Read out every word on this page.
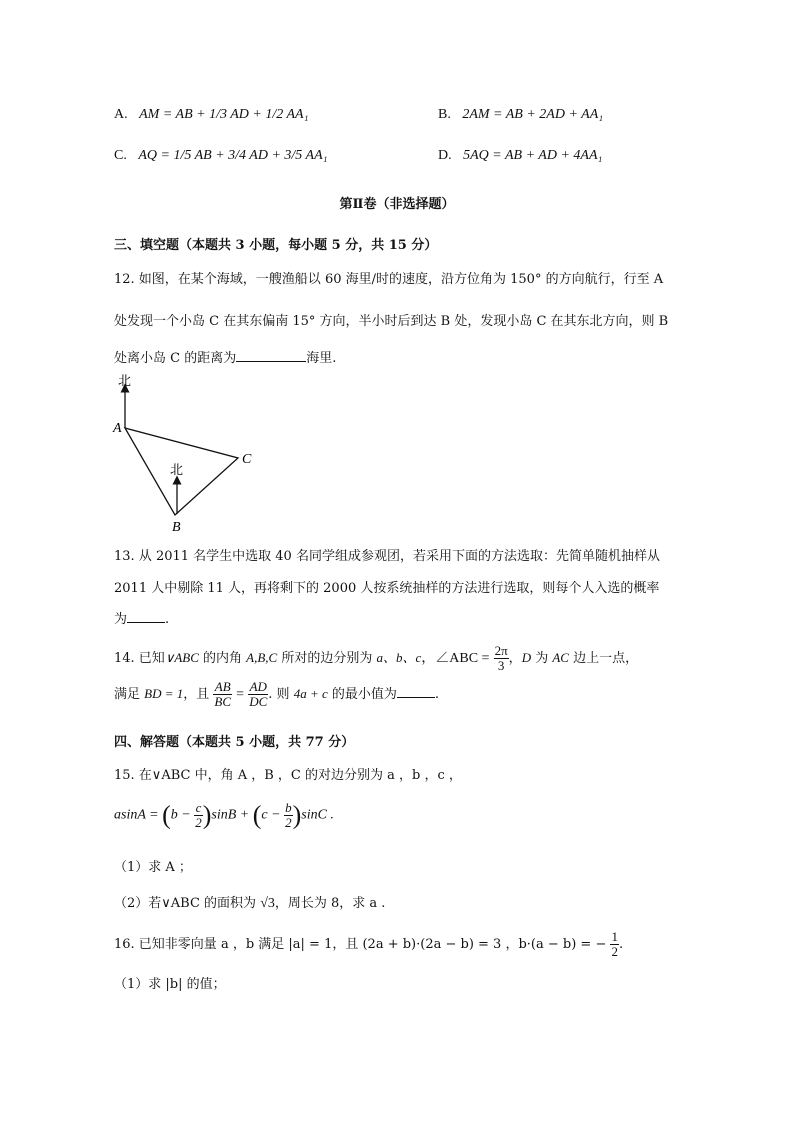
A. AM = AB + 1/3 AD + 1/2 AA₁	B. 2AM = AB + 2AD + AA₁
C. AQ = 1/5 AB + 3/4 AD + 3/5 AA₁	D. 5AQ = AB + AD + 4AA₁
第Ⅱ卷（非选择题）
三、填空题（本题共 3 小题，每小题 5 分，共 15 分）
12. 如图，在某个海域，一艘渔船以 60 海里/时的速度，沿方位角为 150° 的方向航行，行至 A
处发现一个小岛 C 在其东偏南 15° 方向，半小时后到达 B 处，发现小岛 C 在其东北方向，则 B
处离小岛 C 的距离为	海里.
北
北
A
C
B
13. 从 2011 名学生中选取 40 名同学组成参观团，若采用下面的方法选取：先简单随机抽样从
2011 人中剔除 11 人，再将剩下的 2000 人按系统抽样的方法进行选取，则每个人入选的概率
为	.
14. 已知∨ABC 的内角 A,B,C 所对的边分别为 a、b、c，∠ABC = $\frac{2\pi}{3}$ ，D 为 AC 边上一点，
满足 BD = 1，且 $\frac{AB}{BC} = \frac{AD}{DC}$ . 则 4a + c 的最小值为	.
四、解答题（本题共 5 小题，共 77 分）
15. 在∨ABC 中，角 A ，B ，C 的对边分别为 a ，b ，c ，
$asinA = (b - \frac{c}{2} )\sin B + (c - \frac{b}{2} )\sin C$ .
（1）求 A ；
（2）若∨ABC 的面积为 √3，周长为 8，求 a .
16. 已知非零向量 a ，b 满足 |a| = 1，且 (2a + b)·(2a − b) = 3 ，b·(a − b) = − $\frac{1}{2}$ .
（1）求 |b| 的值；
